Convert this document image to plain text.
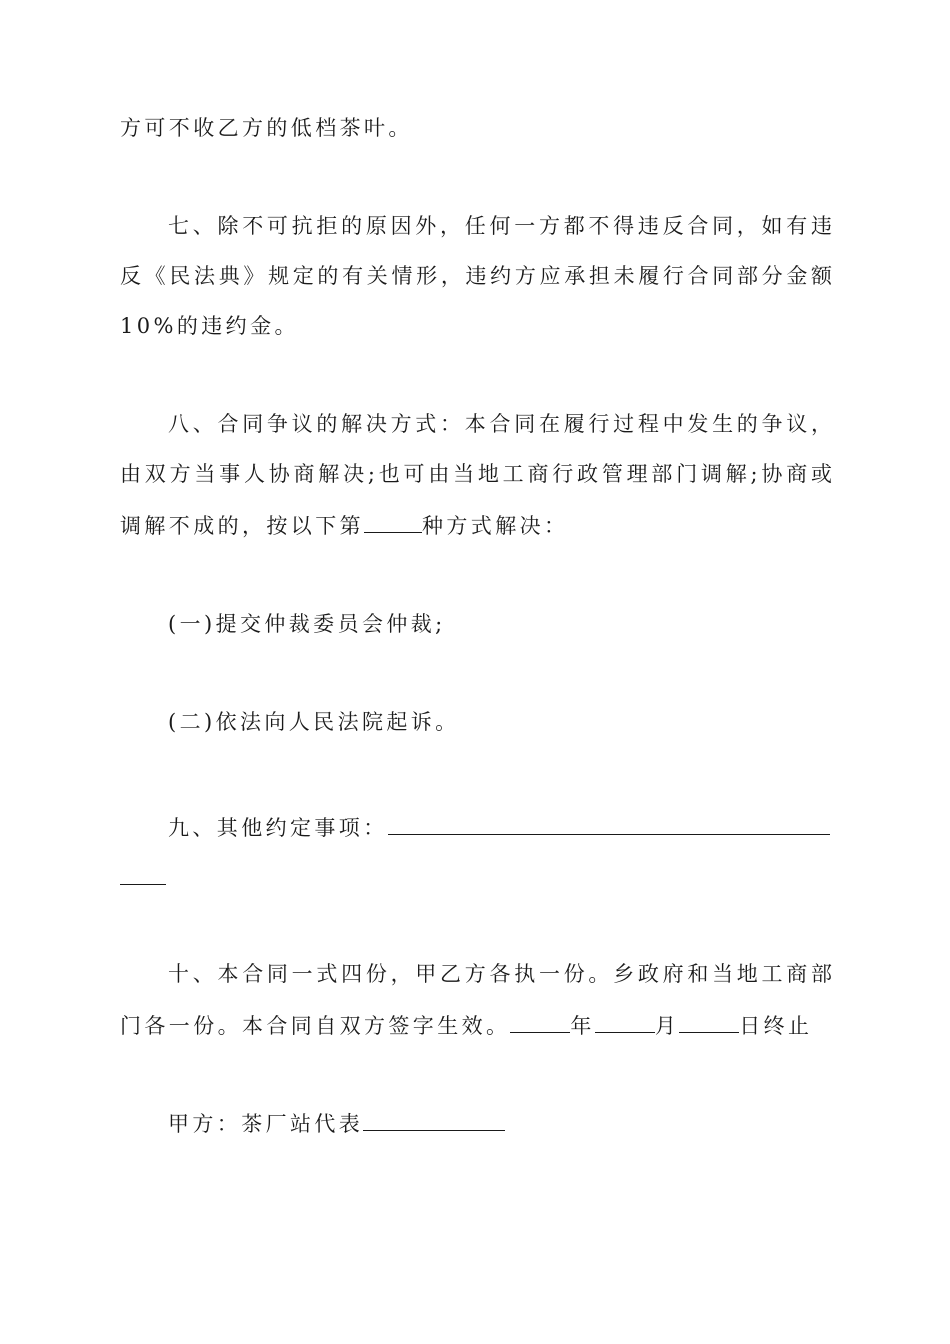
方可不收乙方的低档茶叶。
七、除不可抗拒的原因外，任何一方都不得违反合同，如有违
反《民法典》规定的有关情形，违约方应承担未履行合同部分金额
10%的违约金。
八、合同争议的解决方式：本合同在履行过程中发生的争议，
由双方当事人协商解决;也可由当地工商行政管理部门调解;协商或
调解不成的，按以下第	种方式解决：
(一)提交仲裁委员会仲裁;
(二)依法向人民法院起诉。
九、其他约定事项：
十、本合同一式四份，甲乙方各执一份。乡政府和当地工商部
门各一份。本合同自双方签字生效。	年	月	日终止
甲方：茶厂站代表
